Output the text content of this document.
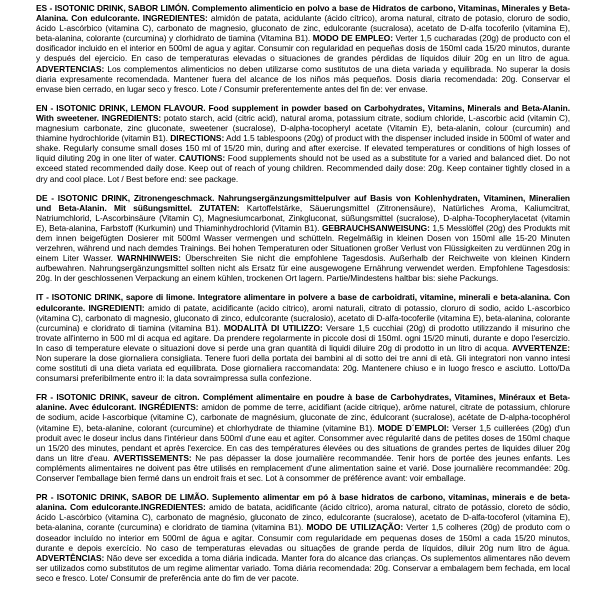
ES - ISOTONIC DRINK, SABOR LIMÓN. Complemento alimenticio en polvo a base de Hidratos de carbono, Vitaminas, Minerales y Beta-Alanina. Con edulcorante. INGREDIENTES: almidón de patata, acidulante (ácido cítrico), aroma natural, citrato de potasio, cloruro de sodio, ácido L-ascórbico (vitamina C), carbonato de magnesio, gluconato de zinc, edulcorante (sucralosa), acetato de D-alfa tocoferilo (vitamina E), beta-alanina, colorante (curcumina) y clorhidrato de tiamina (Vitamina B1). MODO DE EMPLEO: Verter 1,5 cucharadas (20g) de producto con el dosificador incluido en el interior en 500ml de agua y agitar. Consumir con regularidad en pequeñas dosis de 150ml cada 15/20 minutos, durante y después del ejercicio. En caso de temperaturas elevadas o situaciones de grandes pérdidas de líquidos diluir 20g en un litro de agua. ADVERTENCIAS: Los complementos alimenticios no deben utilizarse como sustitutos de una dieta variada y equilibrada. No superar la dosis diaria expresamente recomendada. Mantener fuera del alcance de los niños más pequeños. Dosis diaria recomendada: 20g. Conservar el envase bien cerrado, en lugar seco y fresco. Lote / Consumir preferentemente antes del fin de: ver envase.

EN - ISOTONIC DRINK, LEMON FLAVOUR. Food supplement in powder based on Carbohydrates, Vitamins, Minerals and Beta-Alanin. With sweetener. INGREDIENTS: potato starch, acid (citric acid), natural aroma, potassium citrate, sodium chloride, L-ascorbic acid (vitamin C), magnesium carbonate, zinc gluconate, sweetener (sucralose), D-alpha-tocopheryl acetate (Vitamin E), beta-alanin, colour (curcumin) and thiamine hydrochloride (vitamin B1). DIRECTIONS: Add 1.5 tablespoons (20g) of product with the dispenser included inside in 500ml of water and shake. Regularly consume small doses 150 ml of 15/20 min, during and after exercise. If elevated temperatures or conditions of high losses of liquid diluting 20g in one liter of water. CAUTIONS: Food supplements should not be used as a substitute for a varied and balanced diet. Do not exceed stated recommended daily dose. Keep out of reach of young children. Recommended daily dose: 20g. Keep container tightly closed in a dry and cool place. Lot / Best before end: see package.

DE - ISOTONIC DRINK, Zitronengeschmack. Nahrungsergänzungsmittelpulver auf Basis von Kohlenhydraten, Vitaminen, Mineralien und Beta-Alanin. Mit süßungsmittel. ZUTATEN: Kartoffelstärke, Säuerungsmittel (Zitronensäure), Natürliches Aroma, Kaliumcitrat, Natriumchlorid, L-Ascorbinsäure (Vitamin C), Magnesiumcarbonat, Zinkgluconat, süßungsmittel (sucralose), D-alpha-Tocopherylacetat (vitamin E), Beta-alanina, Farbstoff (Kurkumin) und Thiaminhydrochlorid (Vitamin B1). GEBRAUCHSANWEISUNG: 1,5 Messlöffel (20g) des Produkts mit dem innen beigefügten Dosierer mit 500ml Wasser vermengen und schütteln. Regelmäßig in kleinen Dosen von 150ml alle 15-20 Minuten verzehren, während und nach demdes Trainings. Bei hohen Temperaturen oder Situationen großer Verlust von Flüssigkeiten zu verdünnen 20g in einem Liter Wasser. WARNHINWEIS: Überschreiten Sie nicht die empfohlene Tagesdosis. Außerhalb der Reichweite von kleinen Kindern aufbewahren. Nahrungsergänzungsmittel sollten nicht als Ersatz für eine ausgewogene Ernährung verwendet werden. Empfohlene Tagesdosis: 20g. In der geschlossenen Verpackung an einem kühlen, trockenen Ort lagern. Partie/Mindestens haltbar bis: siehe Packungs.

IT - ISOTONIC DRINK, sapore di limone. Integratore alimentare in polvere a base de carboidrati, vitamine, minerali e beta-alanina. Con edulcorante. INGREDIENTI: amido di patate, acidificante (acido citrico), aromi naturali, citrato di potassio, cloruro di sodio, acido L-ascorbico (vitamina C), carbonato di magnesio, gluconato di zinco, edulcorante (sucralosio), acetato di D-alfa-tocoferile (vitamina E), beta-alanina, colorante (curcumina) e cloridrato di tiamina (vitamina B1). MODALITÀ DI UTILIZZO: Versare 1,5 cucchiai (20g) di prodotto utilizzando il misurino che trovate all'interno in 500 ml di acqua ed agitare. Da prendere regolarmente in piccole dosi di 150ml. ogni 15/20 minuti, durante e dopo l'esercizio. In caso di temperature elevate o situazioni dove si perde una gran quantità di liquidi diluire 20g di prodotto in un litro di acqua. AVVERTENZE: Non superare la dose giornaliera consigliata. Tenere fuori della portata dei bambini al di sotto dei tre anni di età. Gli integratori non vanno intesi come sostituti di una dieta variata ed equilibrata. Dose giornaliera raccomandata: 20g. Mantenere chiuso e in luogo fresco e asciutto. Lotto/Da consumarsi preferibilmente entro il: la data sovraimpressa sulla confezione.

FR - ISOTONIC DRINK, saveur de citron. Complément alimentaire en poudre à base de Carbohydrates, Vitamines, Minéraux et Beta-alanine. Avec édulcorant. INGRÉDIENTS: amidon de pomme de terre, acidifiant (acide citrique), arôme naturel, citrate de potassium, chlorure de sodium, acide l-ascorbique (vitamine C), carbonate de magnésium, gluconate de zinc, édulcorant (sucralose), acétate de D-alpha-tocophérol (vitamine E), beta-alanine, colorant (curcumine) et chlorhydrate de thiamine (vitamine B1). MODE D´EMPLOI: Verser 1,5 cuillerées (20g) d'un produit avec le doseur inclus dans l'intérieur dans 500ml d'une eau et agiter. Consommer avec régularité dans de petites doses de 150ml chaque un 15/20 des minutes, pendant et après l'exercice. En cas des températures élevées ou des situations de grandes pertes de liquides diluer 20g dans un litre d'eau. AVERTISSEMENTS: Ne pas dépasser la dose journalière recommandée. Tenir hors de portée des jeunes enfants. Les compléments alimentaires ne doivent pas être utilisés en remplacement d'une alimentation saine et varié. Dose journalière recommandée: 20g. Conserver l'emballage bien fermé dans un endroit frais et sec. Lot à consommer de préférence avant: voir emballage.

PR - ISOTONIC DRINK, SABOR DE LIMÃO. Suplemento alimentar em pó à base hidratos de carbono, vitaminas, minerais e de beta-alanina. Com edulcorante.INGREDIENTES: amido de batata, acidificante (ácido cítrico), aroma natural, citrato de potássio, cloreto de sódio, ácido L-ascórbico (vitamina C), carbonato de magnésio, gluconato de zinco, edulcorante (sucralose), acetato de D-alfa-tocoferol (vitamina E), beta-alanina, corante (curcumina) e cloridrato de tiamina (vitamina B1). MODO DE UTILIZAÇÃO: Verter 1,5 colheres (20g) de produto com o doseador incluído no interior em 500ml de água e agitar. Consumir com regularidade em pequenas doses de 150ml a cada 15/20 minutos, durante e depois exercício. No caso de temperaturas elevadas ou situações de grande perda de líquidos, diluir 20g num litro de água. ADVERTÊNCIAS: Não deve ser excedida a toma diária indicada. Manter fora do alcance das crianças. Os suplementos alimentares não devem ser utilizados como substitutos de um regime alimentar variado. Toma diária recomendada: 20g. Conservar a embalagem bem fechada, em local seco e fresco. Lote/ Consumir de preferência ante do fim de ver pacote.
